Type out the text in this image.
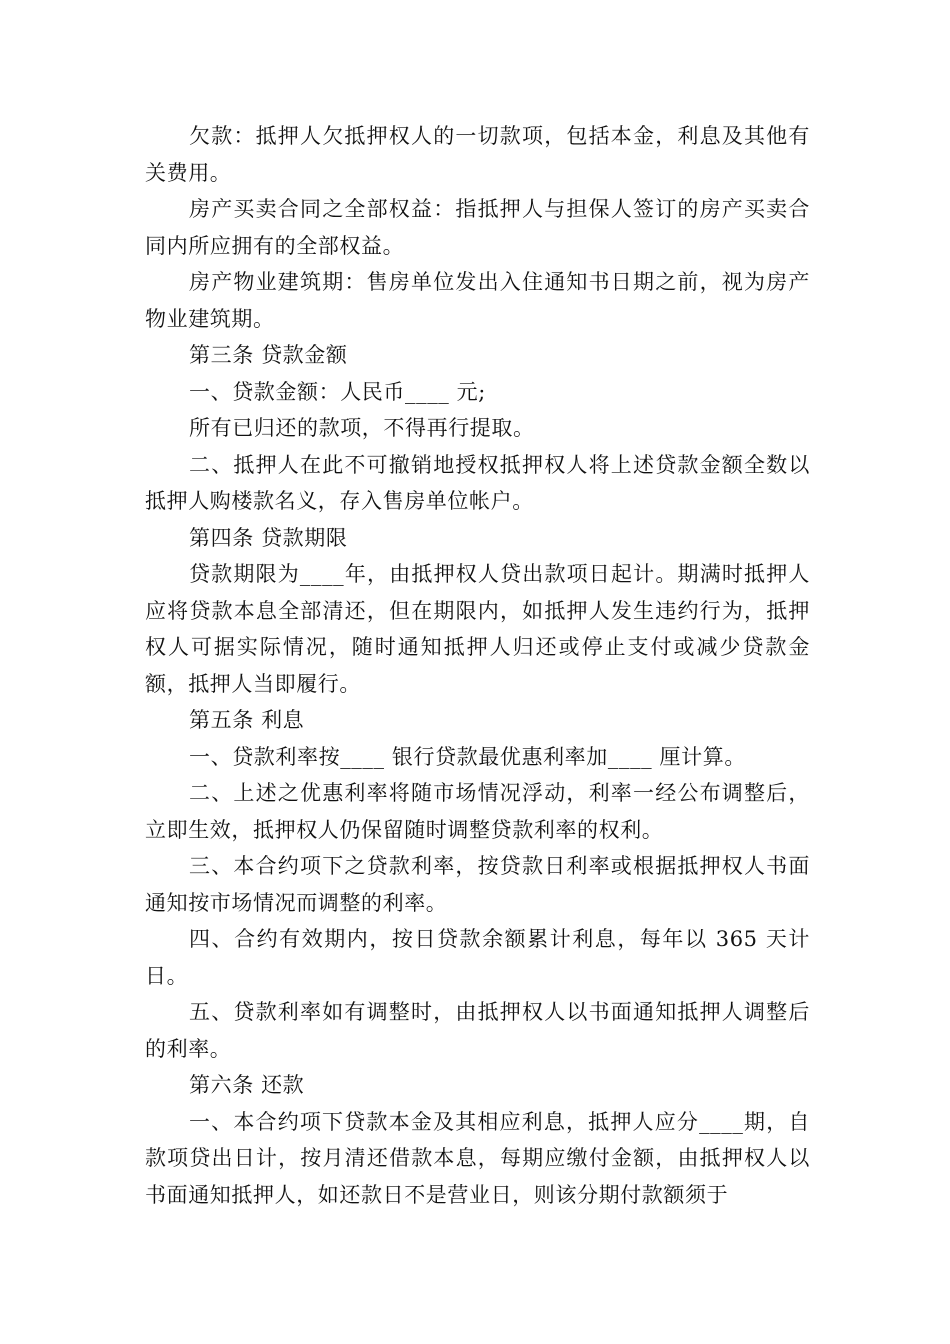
欠款：抵押人欠抵押权人的一切款项，包括本金，利息及其他有关费用。

房产买卖合同之全部权益：指抵押人与担保人签订的房产买卖合同内所应拥有的全部权益。

房产物业建筑期：售房单位发出入住通知书日期之前，视为房产物业建筑期。

第三条 贷款金额

一、贷款金额：人民币____ 元;

所有已归还的款项，不得再行提取。

二、抵押人在此不可撤销地授权抵押权人将上述贷款金额全数以抵押人购楼款名义，存入售房单位帐户。

第四条 贷款期限

贷款期限为____年，由抵押权人贷出款项日起计。期满时抵押人应将贷款本息全部清还，但在期限内，如抵押人发生违约行为，抵押权人可据实际情况，随时通知抵押人归还或停止支付或减少贷款金额，抵押人当即履行。

第五条 利息

一、贷款利率按____ 银行贷款最优惠利率加____ 厘计算。

二、上述之优惠利率将随市场情况浮动，利率一经公布调整后，立即生效，抵押权人仍保留随时调整贷款利率的权利。

三、本合约项下之贷款利率，按贷款日利率或根据抵押权人书面通知按市场情况而调整的利率。

四、合约有效期内，按日贷款余额累计利息，每年以 365 天计日。

五、贷款利率如有调整时，由抵押权人以书面通知抵押人调整后的利率。

第六条 还款

一、本合约项下贷款本金及其相应利息，抵押人应分____期，自款项贷出日计，按月清还借款本息，每期应缴付金额，由抵押权人以书面通知抵押人，如还款日不是营业日，则该分期付款额须于
